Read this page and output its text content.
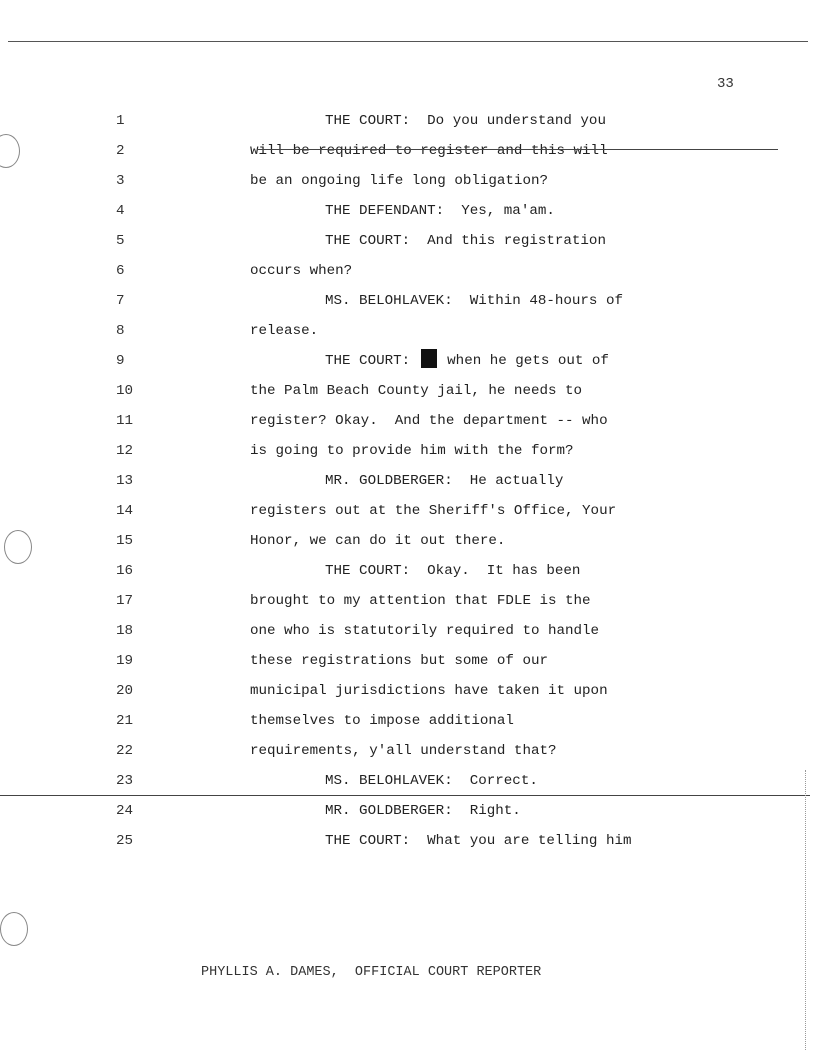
33
1	THE COURT:  Do you understand you
2	will be required to register and this will
3	be an ongoing life long obligation?
4	THE DEFENDANT:  Yes, ma'am.
5	THE COURT:  And this registration
6	occurs when?
7	MS. BELOHLAVEK:  Within 48-hours of
8	release.
9	THE COURT:  when he gets out of
10	the Palm Beach County jail, he needs to
11	register? Okay.  And the department -- who
12	is going to provide him with the form?
13	MR. GOLDBERGER:  He actually
14	registers out at the Sheriff's Office, Your
15	Honor, we can do it out there.
16	THE COURT:  Okay.  It has been
17	brought to my attention that FDLE is the
18	one who is statutorily required to handle
19	these registrations but some of our
20	municipal jurisdictions have taken it upon
21	themselves to impose additional
22	requirements, y'all understand that?
23	MS. BELOHLAVEK:  Correct.
24	MR. GOLDBERGER:  Right.
25	THE COURT:  What you are telling him
PHYLLIS A. DAMES,  OFFICIAL COURT REPORTER
